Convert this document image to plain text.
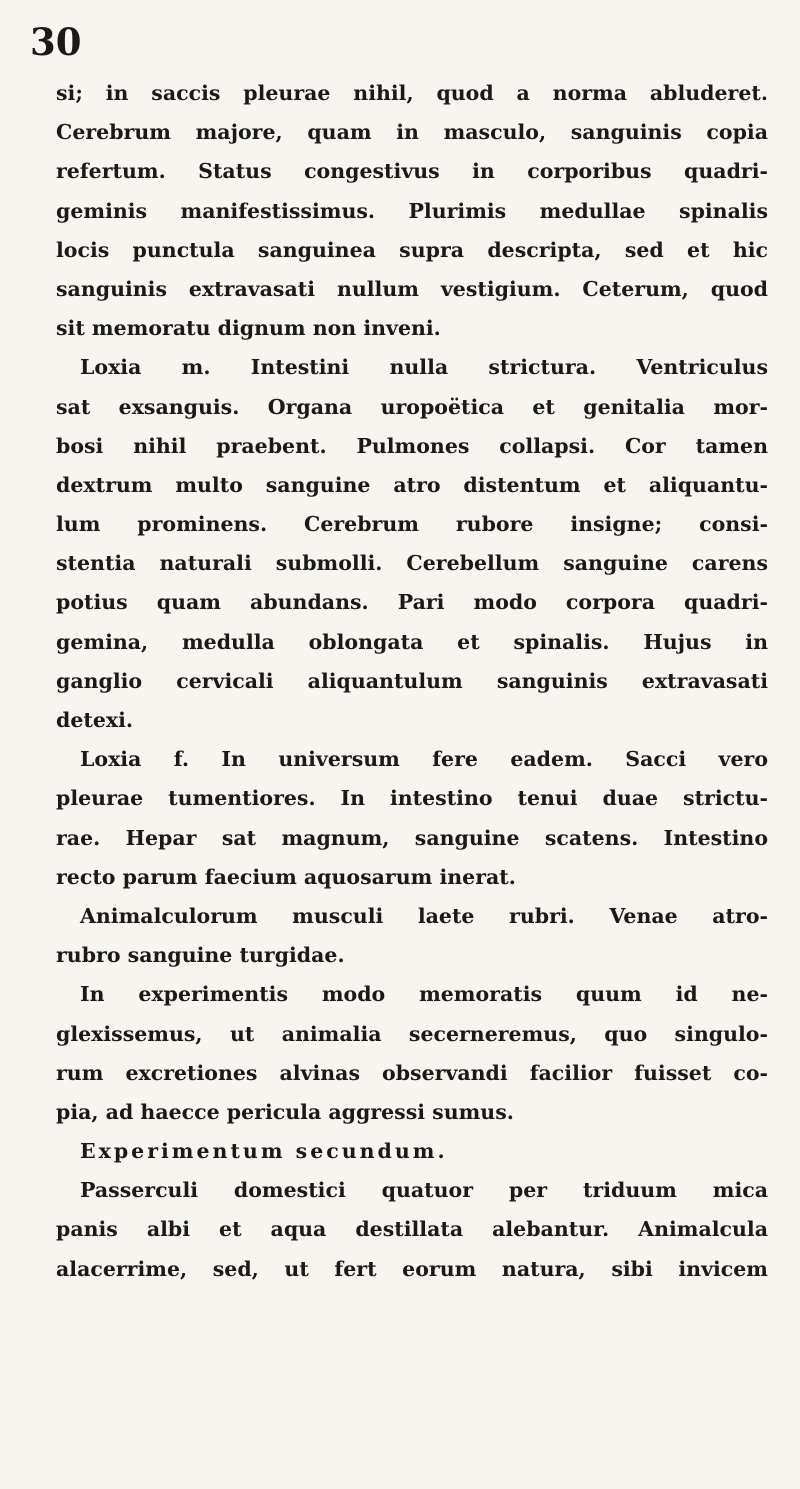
30
si; in saccis pleurae nihil, quod a norma abluderet.
Cerebrum majore, quam in masculo, sanguinis copia
refertum. Status congestivus in corporibus quadri-
geminis manifestissimus. Plurimis medullae spinalis
locis punctula sanguinea supra descripta, sed et hic
sanguinis extravasati nullum vestigium. Ceterum, quod
sit memoratu dignum non inveni.
Loxia m. Intestini nulla strictura. Ventriculus
sat exsanguis. Organa uropoëtica et genitalia mor-
bosi nihil praebent. Pulmones collapsi. Cor tamen
dextrum multo sanguine atro distentum et aliquantu-
lum prominens. Cerebrum rubore insigne; consi-
stentia naturali submolli. Cerebellum sanguine carens
potius quam abundans. Pari modo corpora quadri-
gemina, medulla oblongata et spinalis. Hujus in
ganglio cervicali aliquantulum sanguinis extravasati
detexi.
Loxia f. In universum fere eadem. Sacci vero
pleurae tumentiores. In intestino tenui duae strictu-
rae. Hepar sat magnum, sanguine scatens. Intestino
recto parum faecium aquosarum inerat.
Animalculorum musculi laete rubri. Venae atro-
rubro sanguine turgidae.
In experimentis modo memoratis quum id ne-
glexissemus, ut animalia secerneremus, quo singulo-
rum excretiones alvinas observandi facilior fuisset co-
pia, ad haecce pericula aggressi sumus.
Experimentum secundum.
Passerculi domestici quatuor per triduum mica
panis albi et aqua destillata alebantur. Animalcula
alacerrime, sed, ut fert eorum natura, sibi invicem
